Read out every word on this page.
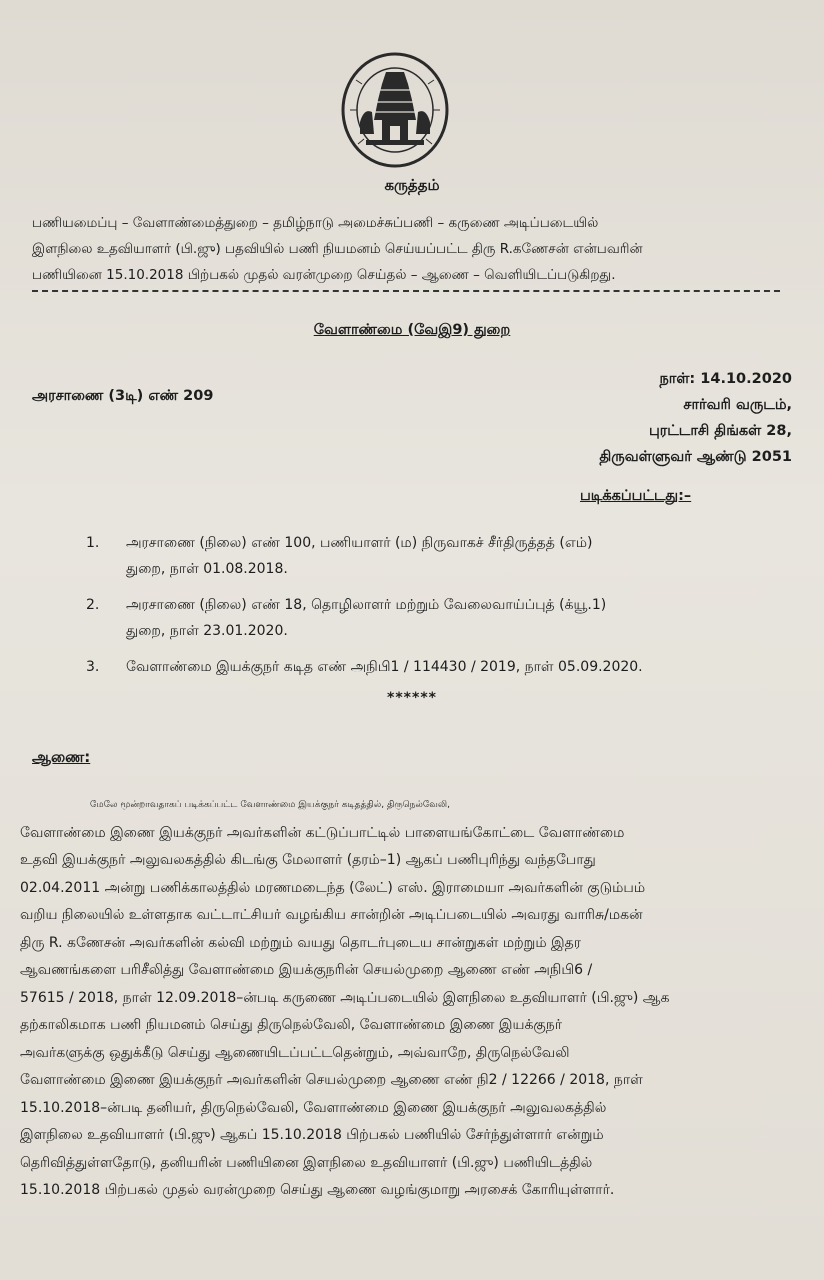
கருத்தம்

பணியமைப்பு – வேளாண்மைத்துறை – தமிழ்நாடு அமைச்சுப்பணி – கருணை அடிப்படையில்

இளநிலை உதவியாளர் (பி.ஜு) பதவியில் பணி நியமனம் செய்யப்பட்ட திரு R.கணேசன் என்பவரின்

பணியினை 15.10.2018 பிற்பகல் முதல் வரன்முறை செய்தல் – ஆணை – வெளியிடப்படுகிறது.

வேளாண்மை (வேஇ9) துறை
அரசாணை (3டி) எண் 209
நாள்: 14.10.2020
சார்வரி வருடம்,
புரட்டாசி திங்கள் 28,
திருவள்ளுவர் ஆண்டு 2051
படிக்கப்பட்டது:–
1.	அரசாணை (நிலை) எண் 100, பணியாளர் (ம) நிருவாகச் சீர்திருத்தத் (எம்)
துறை, நாள் 01.08.2018.
2.	அரசாணை (நிலை) எண் 18, தொழிலாளர் மற்றும் வேலைவாய்ப்புத் (க்யூ.1)
துறை, நாள் 23.01.2020.
3.	வேளாண்மை இயக்குநர் கடித எண் அநிபி1 / 114430 / 2019, நாள் 05.09.2020.
******
ஆணை:

மேலே மூன்றாவதாகப் படிக்கப்பட்ட வேளாண்மை இயக்குநர் கடிதத்தில், திருநெல்வேலி,

வேளாண்மை இணை இயக்குநர் அவர்களின் கட்டுப்பாட்டில் பாளையங்கோட்டை வேளாண்மை

உதவி இயக்குநர் அலுவலகத்தில் கிடங்கு மேலாளர் (தரம்–1) ஆகப் பணிபுரிந்து வந்தபோது

02.04.2011 அன்று பணிக்காலத்தில் மரணமடைந்த (லேட்) எஸ். இராமையா அவர்களின் குடும்பம்

வறிய நிலையில் உள்ளதாக வட்டாட்சியர் வழங்கிய சான்றின் அடிப்படையில் அவரது வாரிசு/மகன்

திரு R. கணேசன் அவர்களின் கல்வி மற்றும் வயது தொடர்புடைய சான்றுகள் மற்றும் இதர

ஆவணங்களை பரிசீலித்து வேளாண்மை இயக்குநரின் செயல்முறை ஆணை எண் அநிபி6 /

57615 / 2018, நாள் 12.09.2018–ன்படி கருணை அடிப்படையில் இளநிலை உதவியாளர் (பி.ஜு) ஆக

தற்காலிகமாக பணி நியமனம் செய்து திருநெல்வேலி, வேளாண்மை இணை இயக்குநர்

அவர்களுக்கு ஒதுக்கீடு செய்து ஆணையிடப்பட்டதென்றும், அவ்வாறே, திருநெல்வேலி

வேளாண்மை இணை இயக்குநர் அவர்களின் செயல்முறை ஆணை எண் நி2 / 12266 / 2018, நாள்

15.10.2018–ன்படி தனியர், திருநெல்வேலி, வேளாண்மை இணை இயக்குநர் அலுவலகத்தில்

இளநிலை உதவியாளர் (பி.ஜு) ஆகப் 15.10.2018 பிற்பகல் பணியில் சேர்ந்துள்ளார் என்றும்

தெரிவித்துள்ளதோடு, தனியரின் பணியினை இளநிலை உதவியாளர் (பி.ஜு) பணியிடத்தில்

15.10.2018 பிற்பகல் முதல் வரன்முறை செய்து ஆணை வழங்குமாறு அரசைக் கோரியுள்ளார்.
